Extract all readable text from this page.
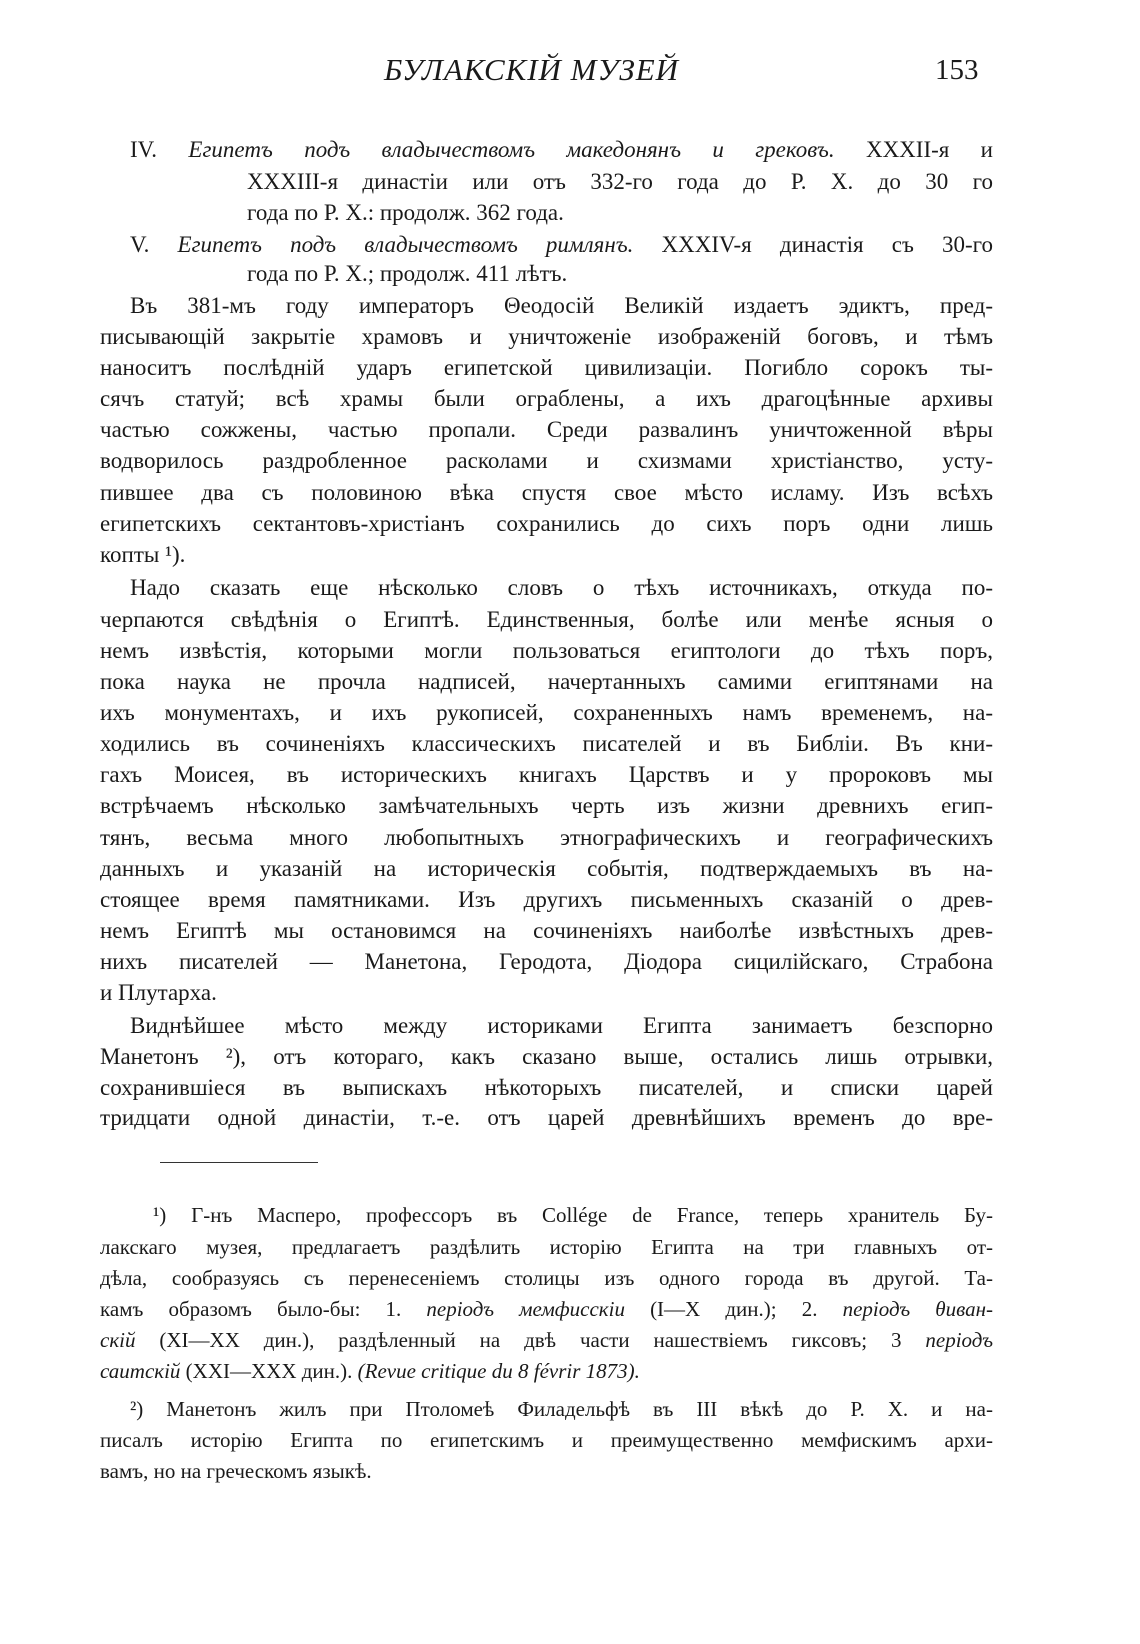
БУЛАКСКІЙ МУЗЕЙ	153
IV. Египетъ подъ владычествомъ македонянъ и грековъ. XXXII-я и
XXXIII-я династіи или отъ 332-го года до Р. Х. до 30 го
года по Р. Х.: продолж. 362 года.
V. Египетъ подъ владычествомъ римлянъ. XXXIV-я династія съ 30-го
года по Р. Х.; продолж. 411 лѣтъ.
Въ 381-мъ году императоръ Θеодосій Великій издаетъ эдиктъ, пред-
писывающій закрытіе храмовъ и уничтоженіе изображеній боговъ, и тѣмъ
наноситъ послѣдній ударъ египетской цивилизаціи. Погибло сорокъ ты-
сячъ статуй; всѣ храмы были ограблены, а ихъ драгоцѣнные архивы
частью сожжены, частью пропали. Среди развалинъ уничтоженной вѣры
водворилось раздробленное расколами и схизмами христіанство, усту-
пившее два съ половиною вѣка спустя свое мѣсто исламу. Изъ всѣхъ
египетскихъ сектантовъ-христіанъ сохранились до сихъ поръ одни лишь
копты ¹).
Надо сказать еще нѣсколько словъ о тѣхъ источникахъ, откуда по-
черпаются свѣдѣнія о Египтѣ. Единственныя, болѣе или менѣе ясныя о
немъ извѣстія, которыми могли пользоваться египтологи до тѣхъ поръ,
пока наука не прочла надписей, начертанныхъ самими египтянами на
ихъ монументахъ, и ихъ рукописей, сохраненныхъ намъ временемъ, на-
ходились въ сочиненіяхъ классическихъ писателей и въ Библіи. Въ кни-
гахъ Моисея, въ историческихъ книгахъ Царствъ и у пророковъ мы
встрѣчаемъ нѣсколько замѣчательныхъ черть изъ жизни древнихъ егип-
тянъ, весьма много любопытныхъ этнографическихъ и географическихъ
данныхъ и указаній на историческія событія, подтверждаемыхъ въ на-
стоящее время памятниками. Изъ другихъ письменныхъ сказаній о древ-
немъ Египтѣ мы остановимся на сочиненіяхъ наиболѣе извѣстныхъ древ-
нихъ писателей — Манетона, Геродота, Діодора сицилійскаго, Страбона
и Плутарха.
Виднѣйшее мѣсто между историками Египта занимаетъ безспорно
Манетонъ ²), отъ котораго, какъ сказано выше, остались лишь отрывки,
сохранившіеся въ выпискахъ нѣкоторыхъ писателей, и списки царей
тридцати одной династіи, т.-е. отъ царей древнѣйшихъ временъ до вре-
¹) Г-нъ Масперо, профессоръ въ Collége de France, теперь хранитель Бу-
лакскаго музея, предлагаетъ раздѣлить исторію Египта на три главныхъ от-
дѣла, сообразуясь съ перенесеніемъ столицы изъ одного города въ другой. Та-
камъ образомъ было-бы: 1. періодъ мемфисскіи (I—X дин.); 2. періодъ θиван-
скій (XI—XX дин.), раздѣленный на двѣ части нашествіемъ гиксовъ; 3 періодъ
саитскій (XXI—XXX дин.). (Revue critique du 8 févrir 1873).
²) Манетонъ жилъ при Птоломеѣ Филадельфѣ въ III вѣкѣ до Р. Х. и на-
писалъ исторію Египта по египетскимъ и преимущественно мемфискимъ архи-
вамъ, но на греческомъ языкѣ.
